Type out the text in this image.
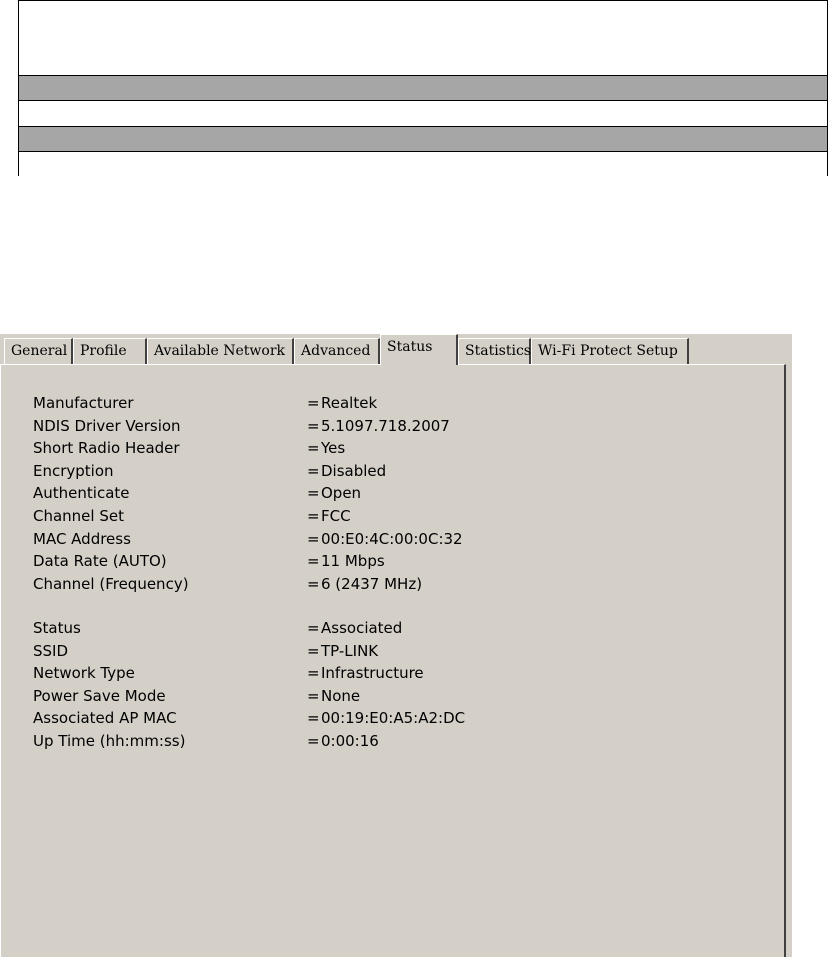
General Profile	Available Network	Advanced	Status	Statistics Wi-Fi Protect Setup
Manufacturer	= Realtek
NDIS Driver Version	= 5.1097.718.2007
Short Radio Header	= Yes
Encryption	= Disabled
Authenticate	= Open
Channel Set	= FCC
MAC Address	= 00:E0:4C:00:0C:32
Data Rate (AUTO)	= 11 Mbps
Channel (Frequency)	= 6 (2437 MHz)
Status	= Associated
SSID	= TP-LINK
Network Type	= Infrastructure
Power Save Mode	= None
Associated AP MAC	= 00:19:E0:A5:A2:DC
Up Time (hh:mm:ss)	= 0:00:16
